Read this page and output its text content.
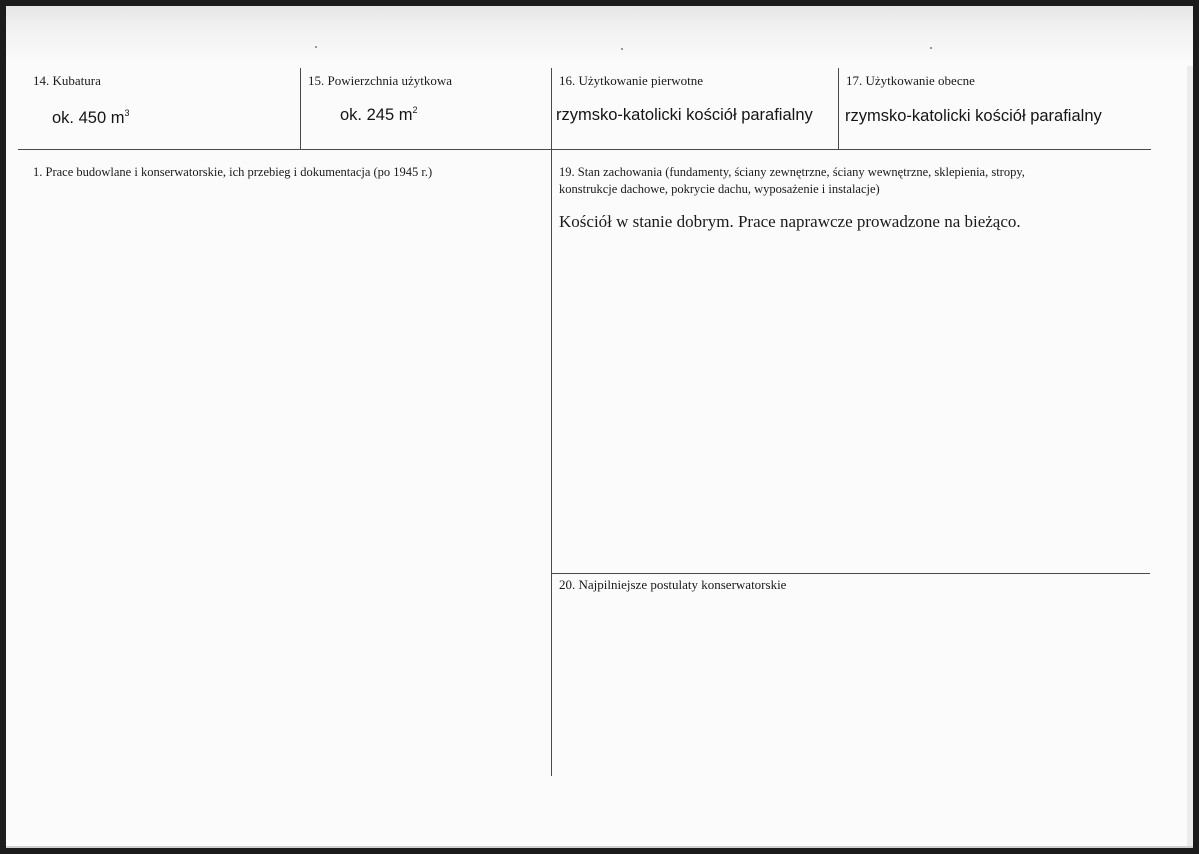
14. Kubatura
ok. 450 $m^3$
15. Powierzchnia użytkowa
ok. 245 $m^2$
16. Użytkowanie pierwotne
rzymsko-katolicki kościół parafialny
17. Użytkowanie obecne
rzymsko-katolicki kościół parafialny
1. Prace budowlane i konserwatorskie, ich przebieg i dokumentacja (po 1945 r.)	19. Stan zachowania (fundamenty, ściany zewnętrzne, ściany wewnętrzne, sklepienia, stropy,
konstrukcje dachowe, pokrycie dachu, wyposażenie i instalacje)
Kościół w stanie dobrym. Prace naprawcze prowadzone na bieżąco.
20. Najpilniejsze postulaty konserwatorskie
